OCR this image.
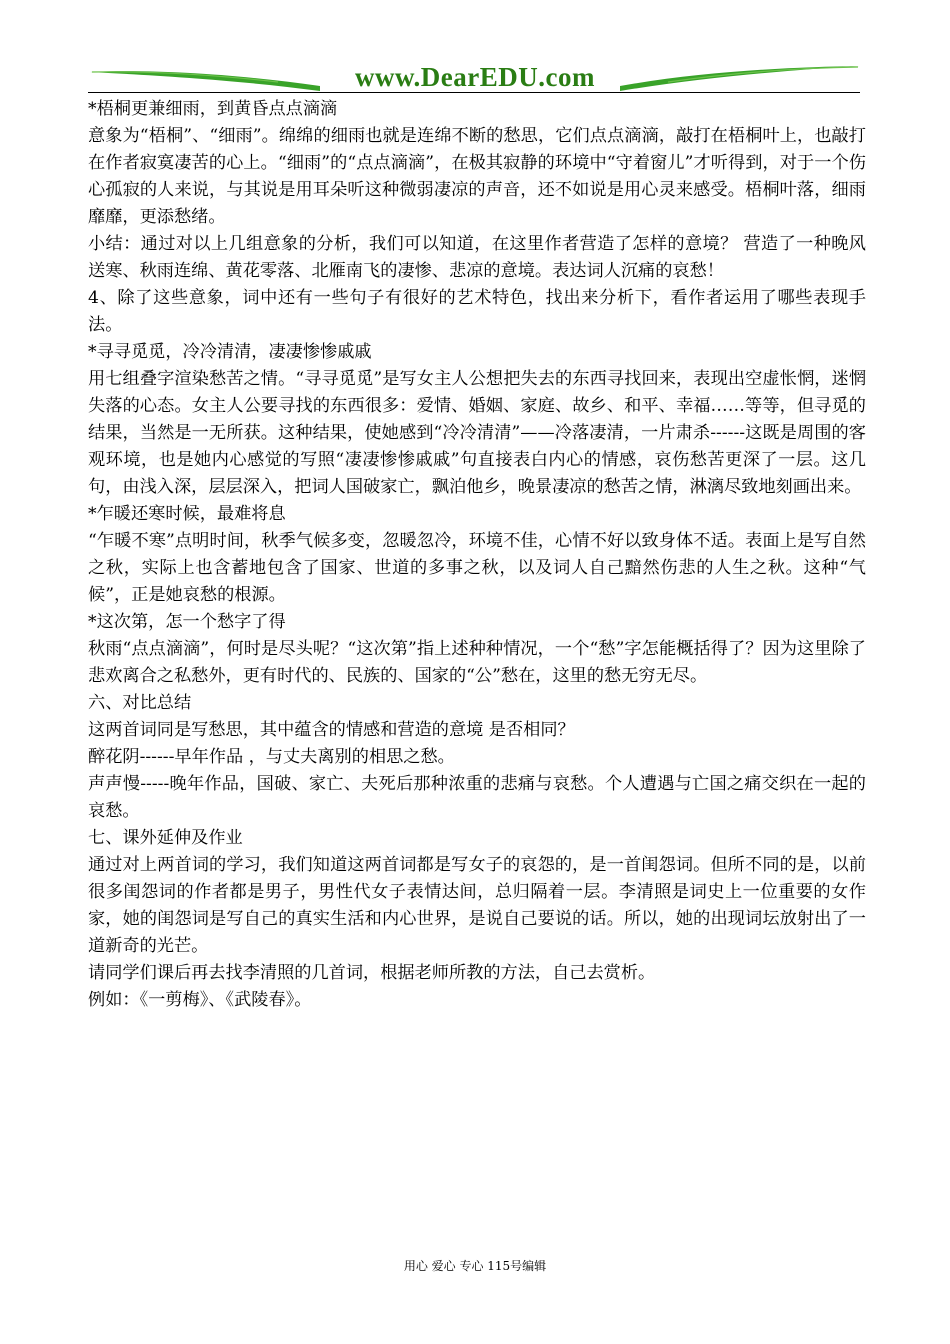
www.DearEDU.com

*梧桐更兼细雨，到黄昏点点滴滴

意象为“梧桐”、“细雨”。绵绵的细雨也就是连绵不断的愁思，它们点点滴滴，敲打在梧桐叶上，也敲打在作者寂寞凄苦的心上。“细雨”的“点点滴滴”，在极其寂静的环境中“守着窗儿”才听得到，对于一个伤心孤寂的人来说，与其说是用耳朵听这种微弱凄凉的声音，还不如说是用心灵来感受。梧桐叶落，细雨靡靡，更添愁绪。

小结：通过对以上几组意象的分析，我们可以知道，在这里作者营造了怎样的意境？ 营造了一种晚风送寒、秋雨连绵、黄花零落、北雁南飞的凄惨、悲凉的意境。表达词人沉痛的哀愁！

4、除了这些意象，词中还有一些句子有很好的艺术特色，找出来分析下，看作者运用了哪些表现手法。

*寻寻觅觅，冷冷清清，凄凄惨惨戚戚

用七组叠字渲染愁苦之情。“寻寻觅觅”是写女主人公想把失去的东西寻找回来，表现出空虚怅惘，迷惘失落的心态。女主人公要寻找的东西很多：爱情、婚姻、家庭、故乡、和平、幸福……等等，但寻觅的结果，当然是一无所获。这种结果，使她感到“冷冷清清”——冷落凄清，一片肃杀------这既是周围的客观环境，也是她内心感觉的写照“凄凄惨惨戚戚”句直接表白内心的情感，哀伤愁苦更深了一层。这几句，由浅入深，层层深入，把词人国破家亡，飘泊他乡，晚景凄凉的愁苦之情，淋漓尽致地刻画出来。

*乍暖还寒时候，最难将息

“乍暖不寒”点明时间，秋季气候多变，忽暖忽冷，环境不佳，心情不好以致身体不适。表面上是写自然之秋，实际上也含蓄地包含了国家、世道的多事之秋，以及词人自己黯然伤悲的人生之秋。这种“气候”，正是她哀愁的根源。

*这次第，怎一个愁字了得

秋雨“点点滴滴”，何时是尽头呢？“这次第”指上述种种情况，一个“愁”字怎能概括得了？因为这里除了悲欢离合之私愁外，更有时代的、民族的、国家的“公”愁在，这里的愁无穷无尽。

六、对比总结

这两首词同是写愁思，其中蕴含的情感和营造的意境 是否相同？

醉花阴------早年作品 ，与丈夫离别的相思之愁。

声声慢-----晚年作品，国破、家亡、夫死后那种浓重的悲痛与哀愁。个人遭遇与亡国之痛交织在一起的哀愁。

七、课外延伸及作业

通过对上两首词的学习，我们知道这两首词都是写女子的哀怨的，是一首闺怨词。但所不同的是，以前很多闺怨词的作者都是男子，男性代女子表情达间，总归隔着一层。李清照是词史上一位重要的女作家，她的闺怨词是写自己的真实生活和内心世界，是说自己要说的话。所以，她的出现词坛放射出了一道新奇的光芒。

请同学们课后再去找李清照的几首词，根据老师所教的方法，自己去赏析。

例如：《一剪梅》、《武陵春》。

用心 爱心 专心 115号编辑
